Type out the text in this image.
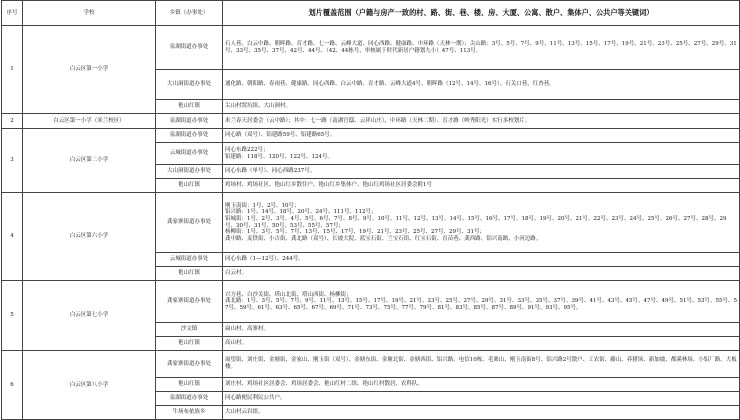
序号	学校	乡镇（办事处）	划片覆盖范围（户籍与房产一致的村、路、街、巷、楼、房、大厦、公寓、散户、集体户、公共户等关键词）
1	白云区第一小学	泉湖街道办事处	石人巷、白云中路、朝晖路、育才路、七一路、云峰大道、同心西路、健康路、中环路（天林一期）；尖山路：3号、5号、7号、9号、11号、13号、15号、17号、19号、21号、23号、25号、27号、29号、31号、33号、35号、37号、42号、44号、（42、44栋号，审核属于时代新居户籍划九小）47号、113号。
		大山洞街道办事处	通化路、朝阳路、春雨巷、健康路、同心西路、白云中路、育才路、云峰大道4号、朝晖路（12号、14号、16号）、石关口巷、红杏巷。
		艳山红镇	尖山村窝坑组、大山洞村。
2	白云区第一小学（米兰校区）	泉湖街道办事处	米兰春天居委会（云中路）；其中：七一路（南湖官邸、云祥山庄）、中环路（天林二期）、育才路（岭秀阳光）实行多校划片。
3	白云区第二小学	泉湖街道办事处	同心路（双号）、铝建路59号、铝建路65号。
		云城街道办事处	同心东路222号；
铝建路：118号、120号、122号、124号。
		大山洞街道办事处	同心东路（单号）、同心西路237号。
		艳山红镇	鸡场村、鸡场社区、艳山红乡散住户、艳山红乡集体户、艳山红鸡场社区居委会附1号
4	白云区第六小学	龚家寨街道办事处	刚玉南街：1号、2号、10号；
铝兴路：1号、14号、18号、20号、24号、111号、112号；
铝城街：1号、2号、3号、4号、5号、6号、7号、8号、9号、10号、11号、12号、13号、14号、15号、16号、17号、18号、19号、20号、21号、22号、23号、24号、25号、26号、27号、28号、29号、30号、31号、50号、53号、55号、57号；
杨柳街：1号、3号、5号、7号、13号、15号、17号、19号、21号、23号、25号、27号、29号、31号；
龚中路、麦铁街、小吉街、龚北路（双号）、长坡大院、蓝宝石街、兰宝石街、红宝石街、育苗巷、龚西路、铝兴南路、小河边路。
		云城街道办事处	同心东路（1—12号）、244号。
		艳山红镇	白云村。
5	白云区第七小学	龚家寨街道办事处	兴力巷、白沙关街、塔山北街、塔山西街、杨柳街；
龚北路：1号、3号、5号、7号、9号、11号、13号、15号、17号、19号、21号、23号、25号、27号、29号、31号、33号、35号、37号、39号、41号、43号、45号、47号、49号、51号、53号、55号、57号、59号、61号、63号、65号、67号、69号、71号、73号、75号、77号、79号、81号、83号、85号、87号、89号、91号、93号、95号。
		沙文镇	扁山村、高寨村。
		艳山红镇	高山村。
6	白云区第八小学	龚家寨街道办事处	展望街、刘庄街、金塘街、金家山、刚玉街（双号）、金塘东街、金塘北街、金塘西街、铝兴路、电信10栋、毛栗山、刚玉南街8号、铝兴路2号散户、工农街、藤山、养猪场、新加坡、都溪林场、小铝厂路、大板楼。
		艳山红镇	刘庄村、鸡场社区居委会、鸡场居委会、艳山红村二组、艳山红村散居、农科队。
		泉湖街道办事处	同心路便民利民公共户。
		牛场布依族乡	大山村云岩组。
